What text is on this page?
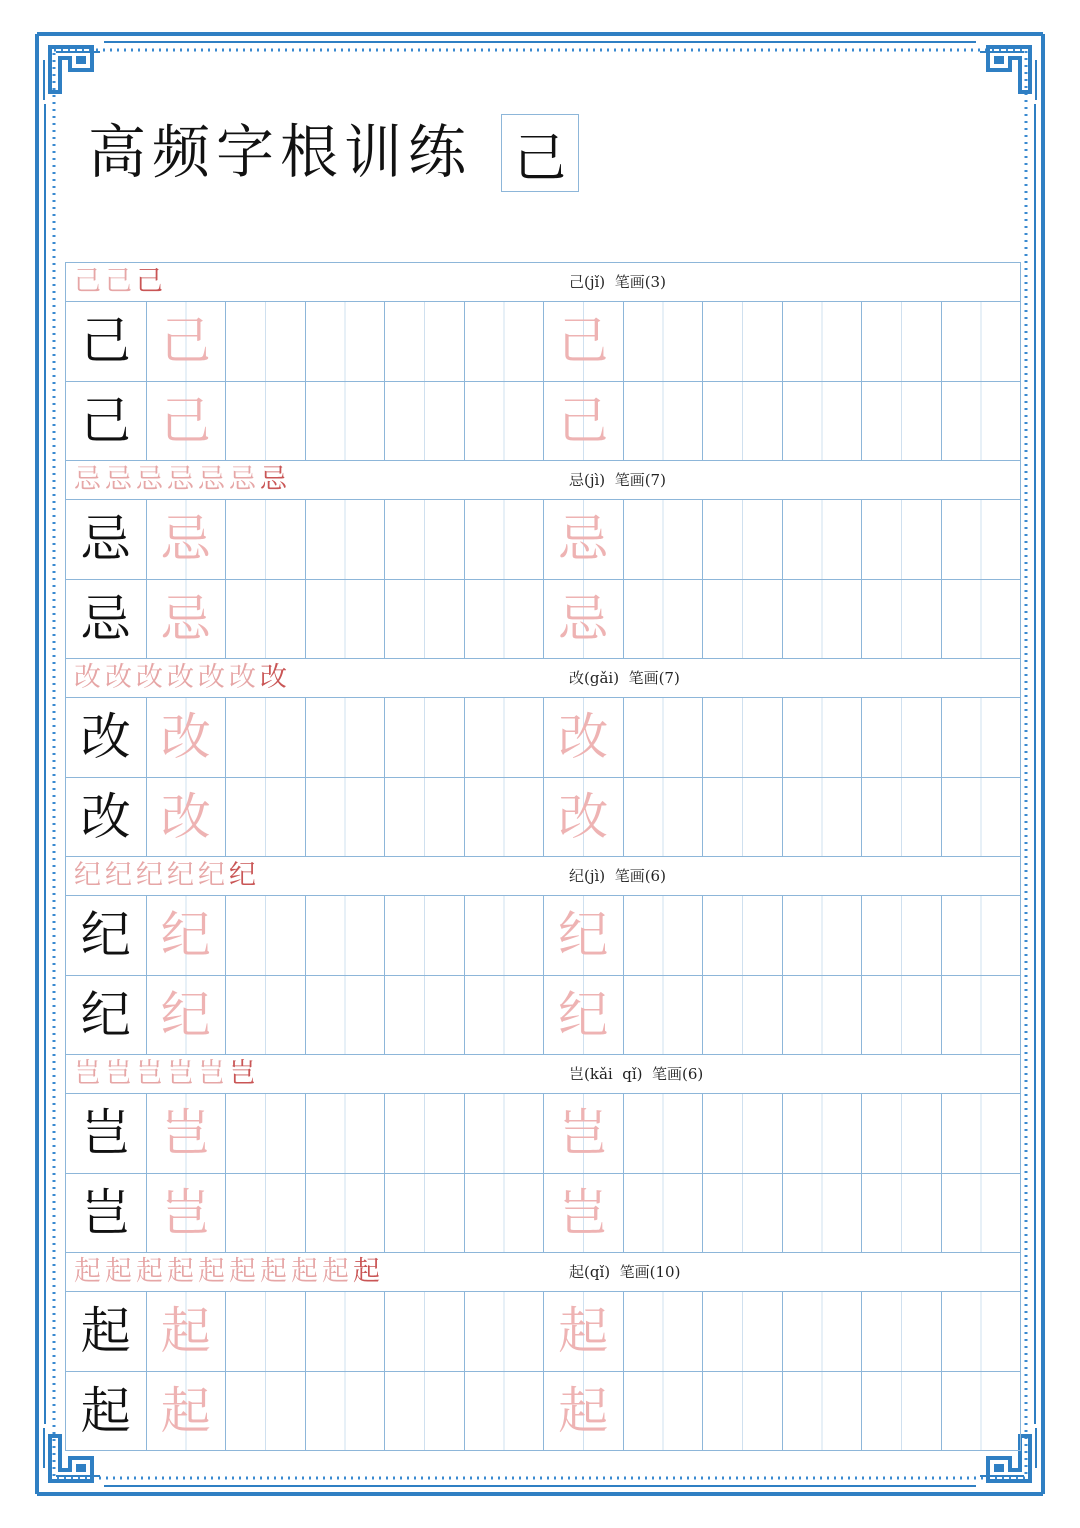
高频字根训练 己
己 己 己	己(jǐ)  笔画(3)
己 己	己
己 己	己
忌 忌 忌 忌 忌 忌 忌	忌(jì)  笔画(7)
忌 忌	忌
忌 忌	忌
改 改 改 改 改 改 改	改(gǎi)  笔画(7)
改 改	改
改 改	改
纪 纪 纪 纪 纪 纪	纪(jì)  笔画(6)
纪 纪	纪
纪 纪	纪
岂 岂 岂 岂 岂 岂	岂(kǎi  qǐ)  笔画(6)
岂 岂	岂
岂 岂	岂
起 起 起 起 起 起 起 起 起 起	起(qǐ)  笔画(10)
起 起	起
起 起	起
